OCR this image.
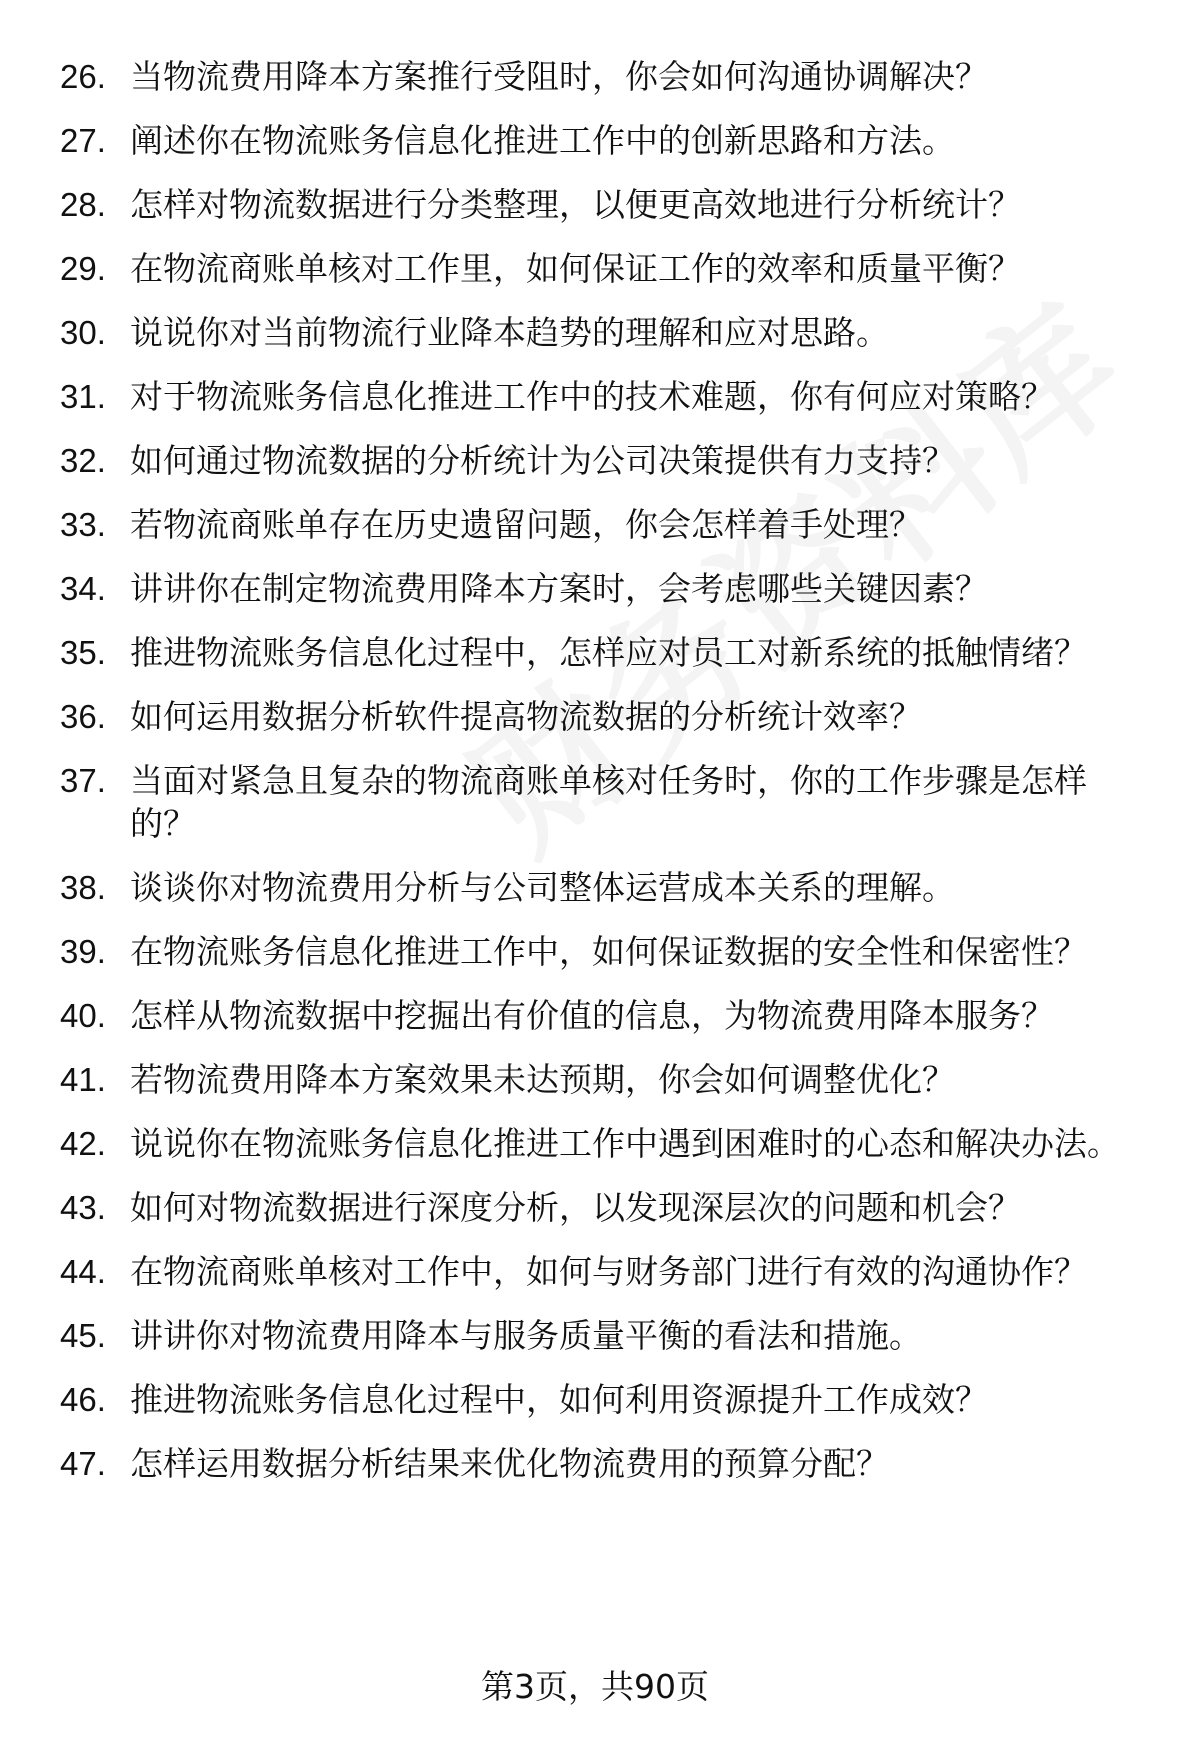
26. 当物流费用降本方案推行受阻时，你会如何沟通协调解决？
27. 阐述你在物流账务信息化推进工作中的创新思路和方法。
28. 怎样对物流数据进行分类整理，以便更高效地进行分析统计？
29. 在物流商账单核对工作里，如何保证工作的效率和质量平衡？
30. 说说你对当前物流行业降本趋势的理解和应对思路。
31. 对于物流账务信息化推进工作中的技术难题，你有何应对策略？
32. 如何通过物流数据的分析统计为公司决策提供有力支持？
33. 若物流商账单存在历史遗留问题，你会怎样着手处理？
34. 讲讲你在制定物流费用降本方案时，会考虑哪些关键因素？
35. 推进物流账务信息化过程中，怎样应对员工对新系统的抵触情绪？
36. 如何运用数据分析软件提高物流数据的分析统计效率？
37. 当面对紧急且复杂的物流商账单核对任务时，你的工作步骤是怎样的？
38. 谈谈你对物流费用分析与公司整体运营成本关系的理解。
39. 在物流账务信息化推进工作中，如何保证数据的安全性和保密性？
40. 怎样从物流数据中挖掘出有价值的信息，为物流费用降本服务？
41. 若物流费用降本方案效果未达预期，你会如何调整优化？
42. 说说你在物流账务信息化推进工作中遇到困难时的心态和解决办法。
43. 如何对物流数据进行深度分析，以发现深层次的问题和机会？
44. 在物流商账单核对工作中，如何与财务部门进行有效的沟通协作？
45. 讲讲你对物流费用降本与服务质量平衡的看法和措施。
46. 推进物流账务信息化过程中，如何利用资源提升工作成效？
47. 怎样运用数据分析结果来优化物流费用的预算分配？
第3页，共90页
